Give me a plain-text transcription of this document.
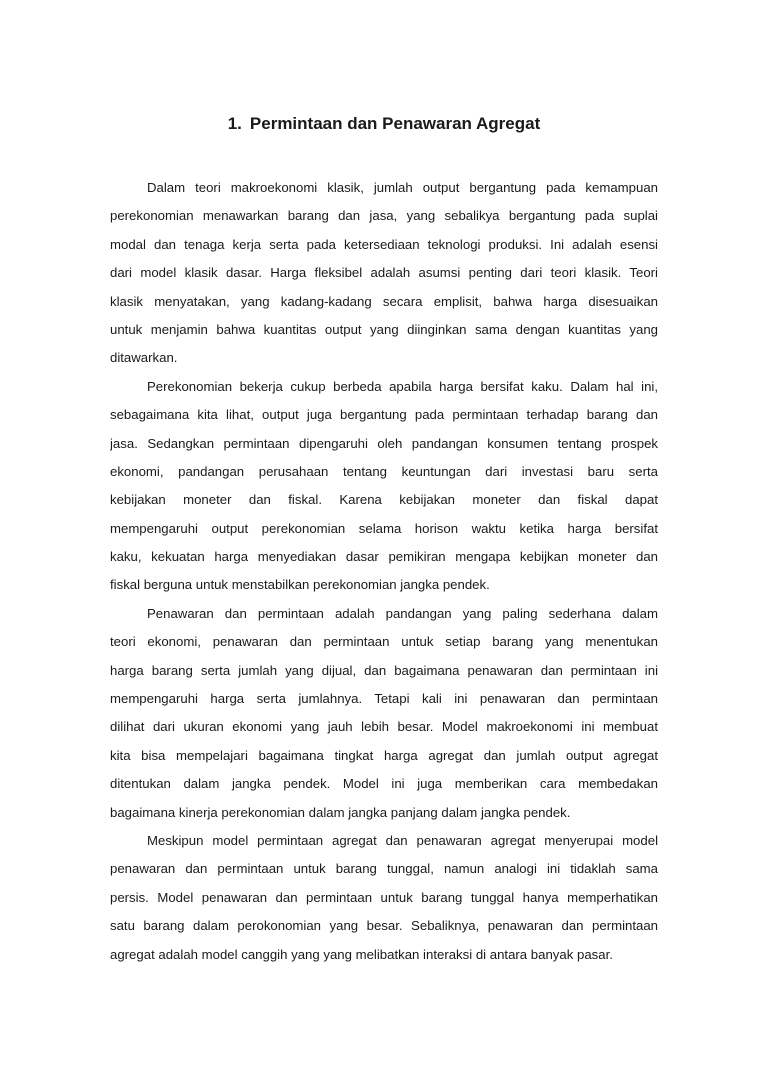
1. Permintaan dan Penawaran Agregat
Dalam teori makroekonomi klasik, jumlah output bergantung pada kemampuan
perekonomian menawarkan barang dan jasa, yang sebalikya bergantung pada suplai
modal dan tenaga kerja serta pada ketersediaan teknologi produksi. Ini adalah esensi
dari model klasik dasar. Harga fleksibel adalah asumsi penting dari teori klasik. Teori
klasik menyatakan, yang kadang-kadang secara emplisit, bahwa harga disesuaikan
untuk menjamin bahwa kuantitas output yang diinginkan sama dengan kuantitas yang
ditawarkan.
Perekonomian bekerja cukup berbeda apabila harga bersifat kaku. Dalam hal ini,
sebagaimana kita lihat, output juga bergantung pada permintaan terhadap barang dan
jasa. Sedangkan permintaan dipengaruhi oleh pandangan konsumen tentang prospek
ekonomi, pandangan perusahaan tentang keuntungan dari investasi baru serta
kebijakan moneter dan fiskal. Karena kebijakan moneter dan fiskal dapat
mempengaruhi output perekonomian selama horison waktu ketika harga bersifat
kaku, kekuatan harga menyediakan dasar pemikiran mengapa kebijkan moneter dan
fiskal berguna untuk menstabilkan perekonomian jangka pendek.
Penawaran dan permintaan adalah pandangan yang paling sederhana dalam
teori ekonomi, penawaran dan permintaan untuk setiap barang yang menentukan
harga barang serta jumlah yang dijual, dan bagaimana penawaran dan permintaan ini
mempengaruhi harga serta jumlahnya. Tetapi kali ini penawaran dan permintaan
dilihat dari ukuran ekonomi yang jauh lebih besar. Model makroekonomi ini membuat
kita bisa mempelajari bagaimana tingkat harga agregat dan jumlah output agregat
ditentukan dalam jangka pendek. Model ini juga memberikan cara membedakan
bagaimana kinerja perekonomian dalam jangka panjang dalam jangka pendek.
Meskipun model permintaan agregat dan penawaran agregat menyerupai model
penawaran dan permintaan untuk barang tunggal, namun analogi ini tidaklah sama
persis. Model penawaran dan permintaan untuk barang tunggal hanya memperhatikan
satu barang dalam perokonomian yang besar. Sebaliknya, penawaran dan permintaan
agregat adalah model canggih yang yang melibatkan interaksi di antara banyak pasar.
